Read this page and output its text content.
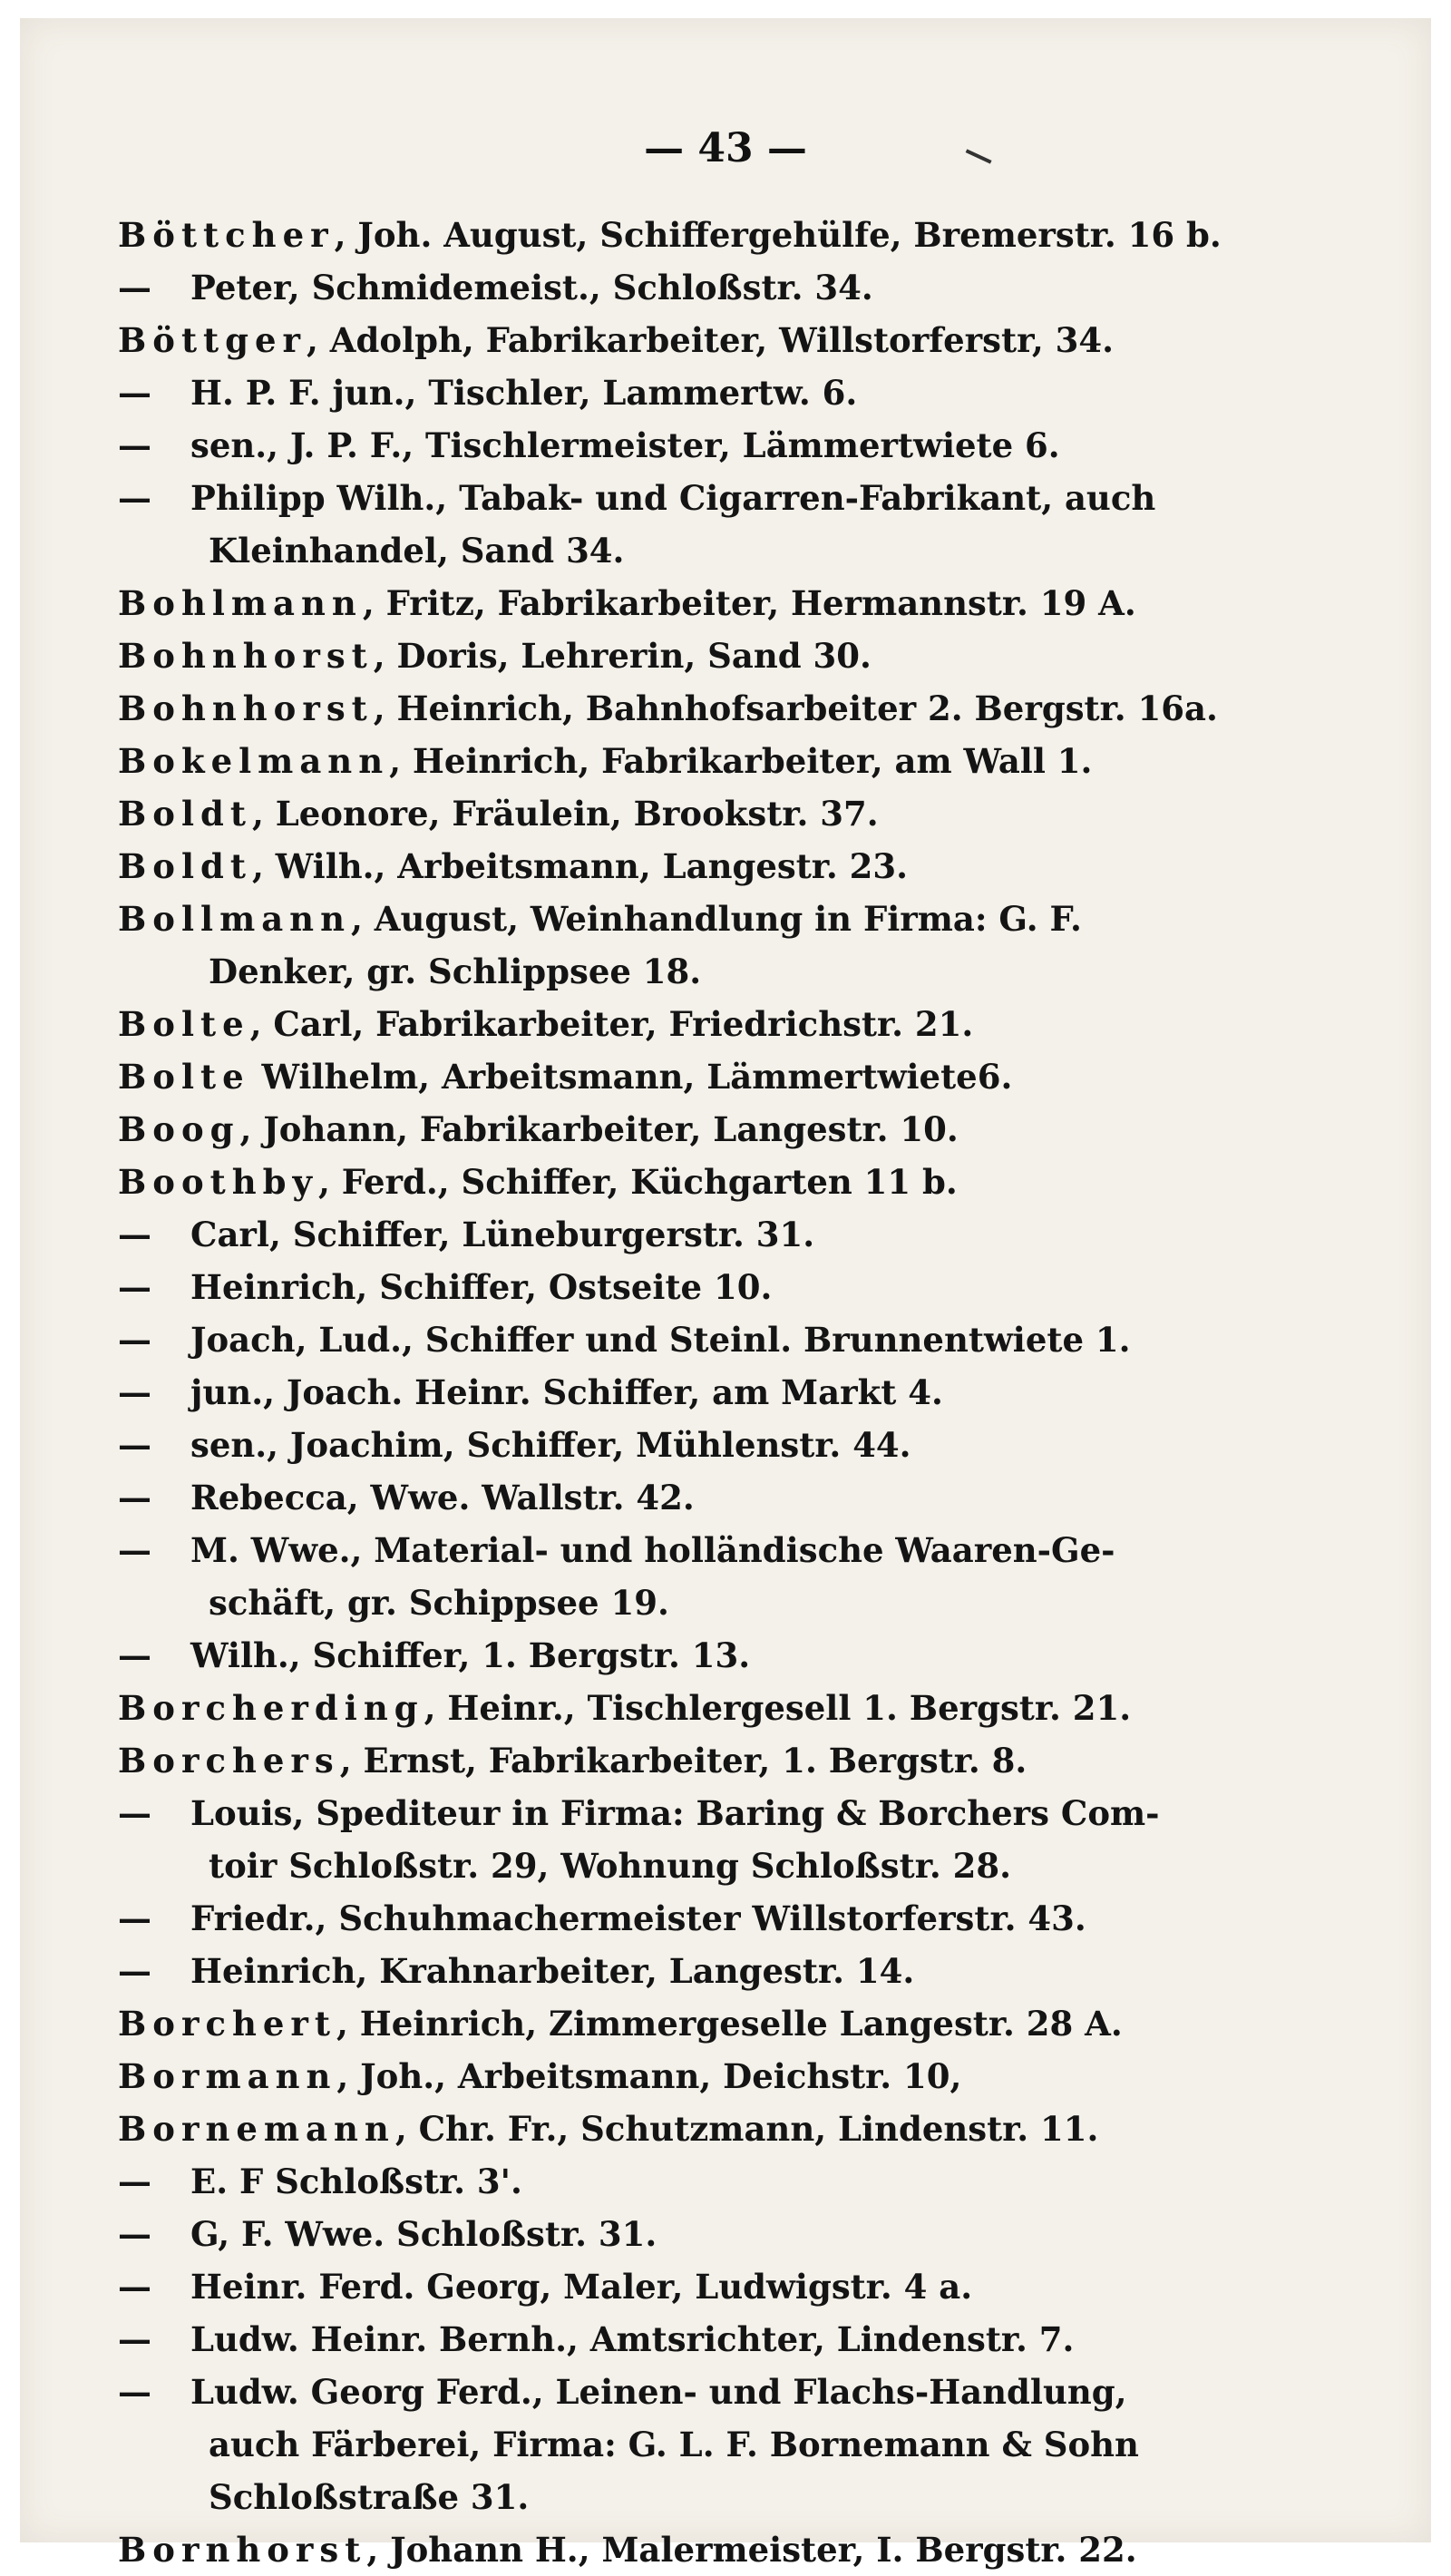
— 43 —
Böttcher, Joh. August, Schiffergehülfe, Bremerstr. 16 b.
— Peter, Schmidemeist., Schloßstr. 34.
Böttger, Adolph, Fabrikarbeiter, Willstorferstr, 34.
— H. P. F. jun., Tischler, Lammertw. 6.
— sen., J. P. F., Tischlermeister, Lämmertwiete 6.
— Philipp Wilh., Tabak- und Cigarren-Fabrikant, auch
Kleinhandel, Sand 34.
Bohlmann, Fritz, Fabrikarbeiter, Hermannstr. 19 A.
Bohnhorst, Doris, Lehrerin, Sand 30.
Bohnhorst, Heinrich, Bahnhofsarbeiter 2. Bergstr. 16a.
Bokelmann, Heinrich, Fabrikarbeiter, am Wall 1.
Boldt, Leonore, Fräulein, Brookstr. 37.
Boldt, Wilh., Arbeitsmann, Langestr. 23.
Bollmann, August, Weinhandlung in Firma: G. F.
Denker, gr. Schlippsee 18.
Bolte, Carl, Fabrikarbeiter, Friedrichstr. 21.
Bolte Wilhelm, Arbeitsmann, Lämmertwiete6.
Boog, Johann, Fabrikarbeiter, Langestr. 10.
Boothby, Ferd., Schiffer, Küchgarten 11 b.
— Carl, Schiffer, Lüneburgerstr. 31.
— Heinrich, Schiffer, Ostseite 10.
— Joach, Lud., Schiffer und Steinl. Brunnentwiete 1.
— jun., Joach. Heinr. Schiffer, am Markt 4.
— sen., Joachim, Schiffer, Mühlenstr. 44.
— Rebecca, Wwe. Wallstr. 42.
— M. Wwe., Material- und holländische Waaren-Ge-
schäft, gr. Schippsee 19.
— Wilh., Schiffer, 1. Bergstr. 13.
Borcherding, Heinr., Tischlergesell 1. Bergstr. 21.
Borchers, Ernst, Fabrikarbeiter, 1. Bergstr. 8.
— Louis, Spediteur in Firma: Baring & Borchers Com-
toir Schloßstr. 29, Wohnung Schloßstr. 28.
— Friedr., Schuhmachermeister Willstorferstr. 43.
— Heinrich, Krahnarbeiter, Langestr. 14.
Borchert, Heinrich, Zimmergeselle Langestr. 28 A.
Bormann, Joh., Arbeitsmann, Deichstr. 10,
Bornemann, Chr. Fr., Schutzmann, Lindenstr. 11.
— E. F Schloßstr. 3'.
— G, F. Wwe. Schloßstr. 31.
— Heinr. Ferd. Georg, Maler, Ludwigstr. 4 a.
— Ludw. Heinr. Bernh., Amtsrichter, Lindenstr. 7.
— Ludw. Georg Ferd., Leinen- und Flachs-Handlung,
auch Färberei, Firma: G. L. F. Bornemann & Sohn
Schloßstraße 31.
Bornhorst, Johann H., Malermeister, I. Bergstr. 22.
